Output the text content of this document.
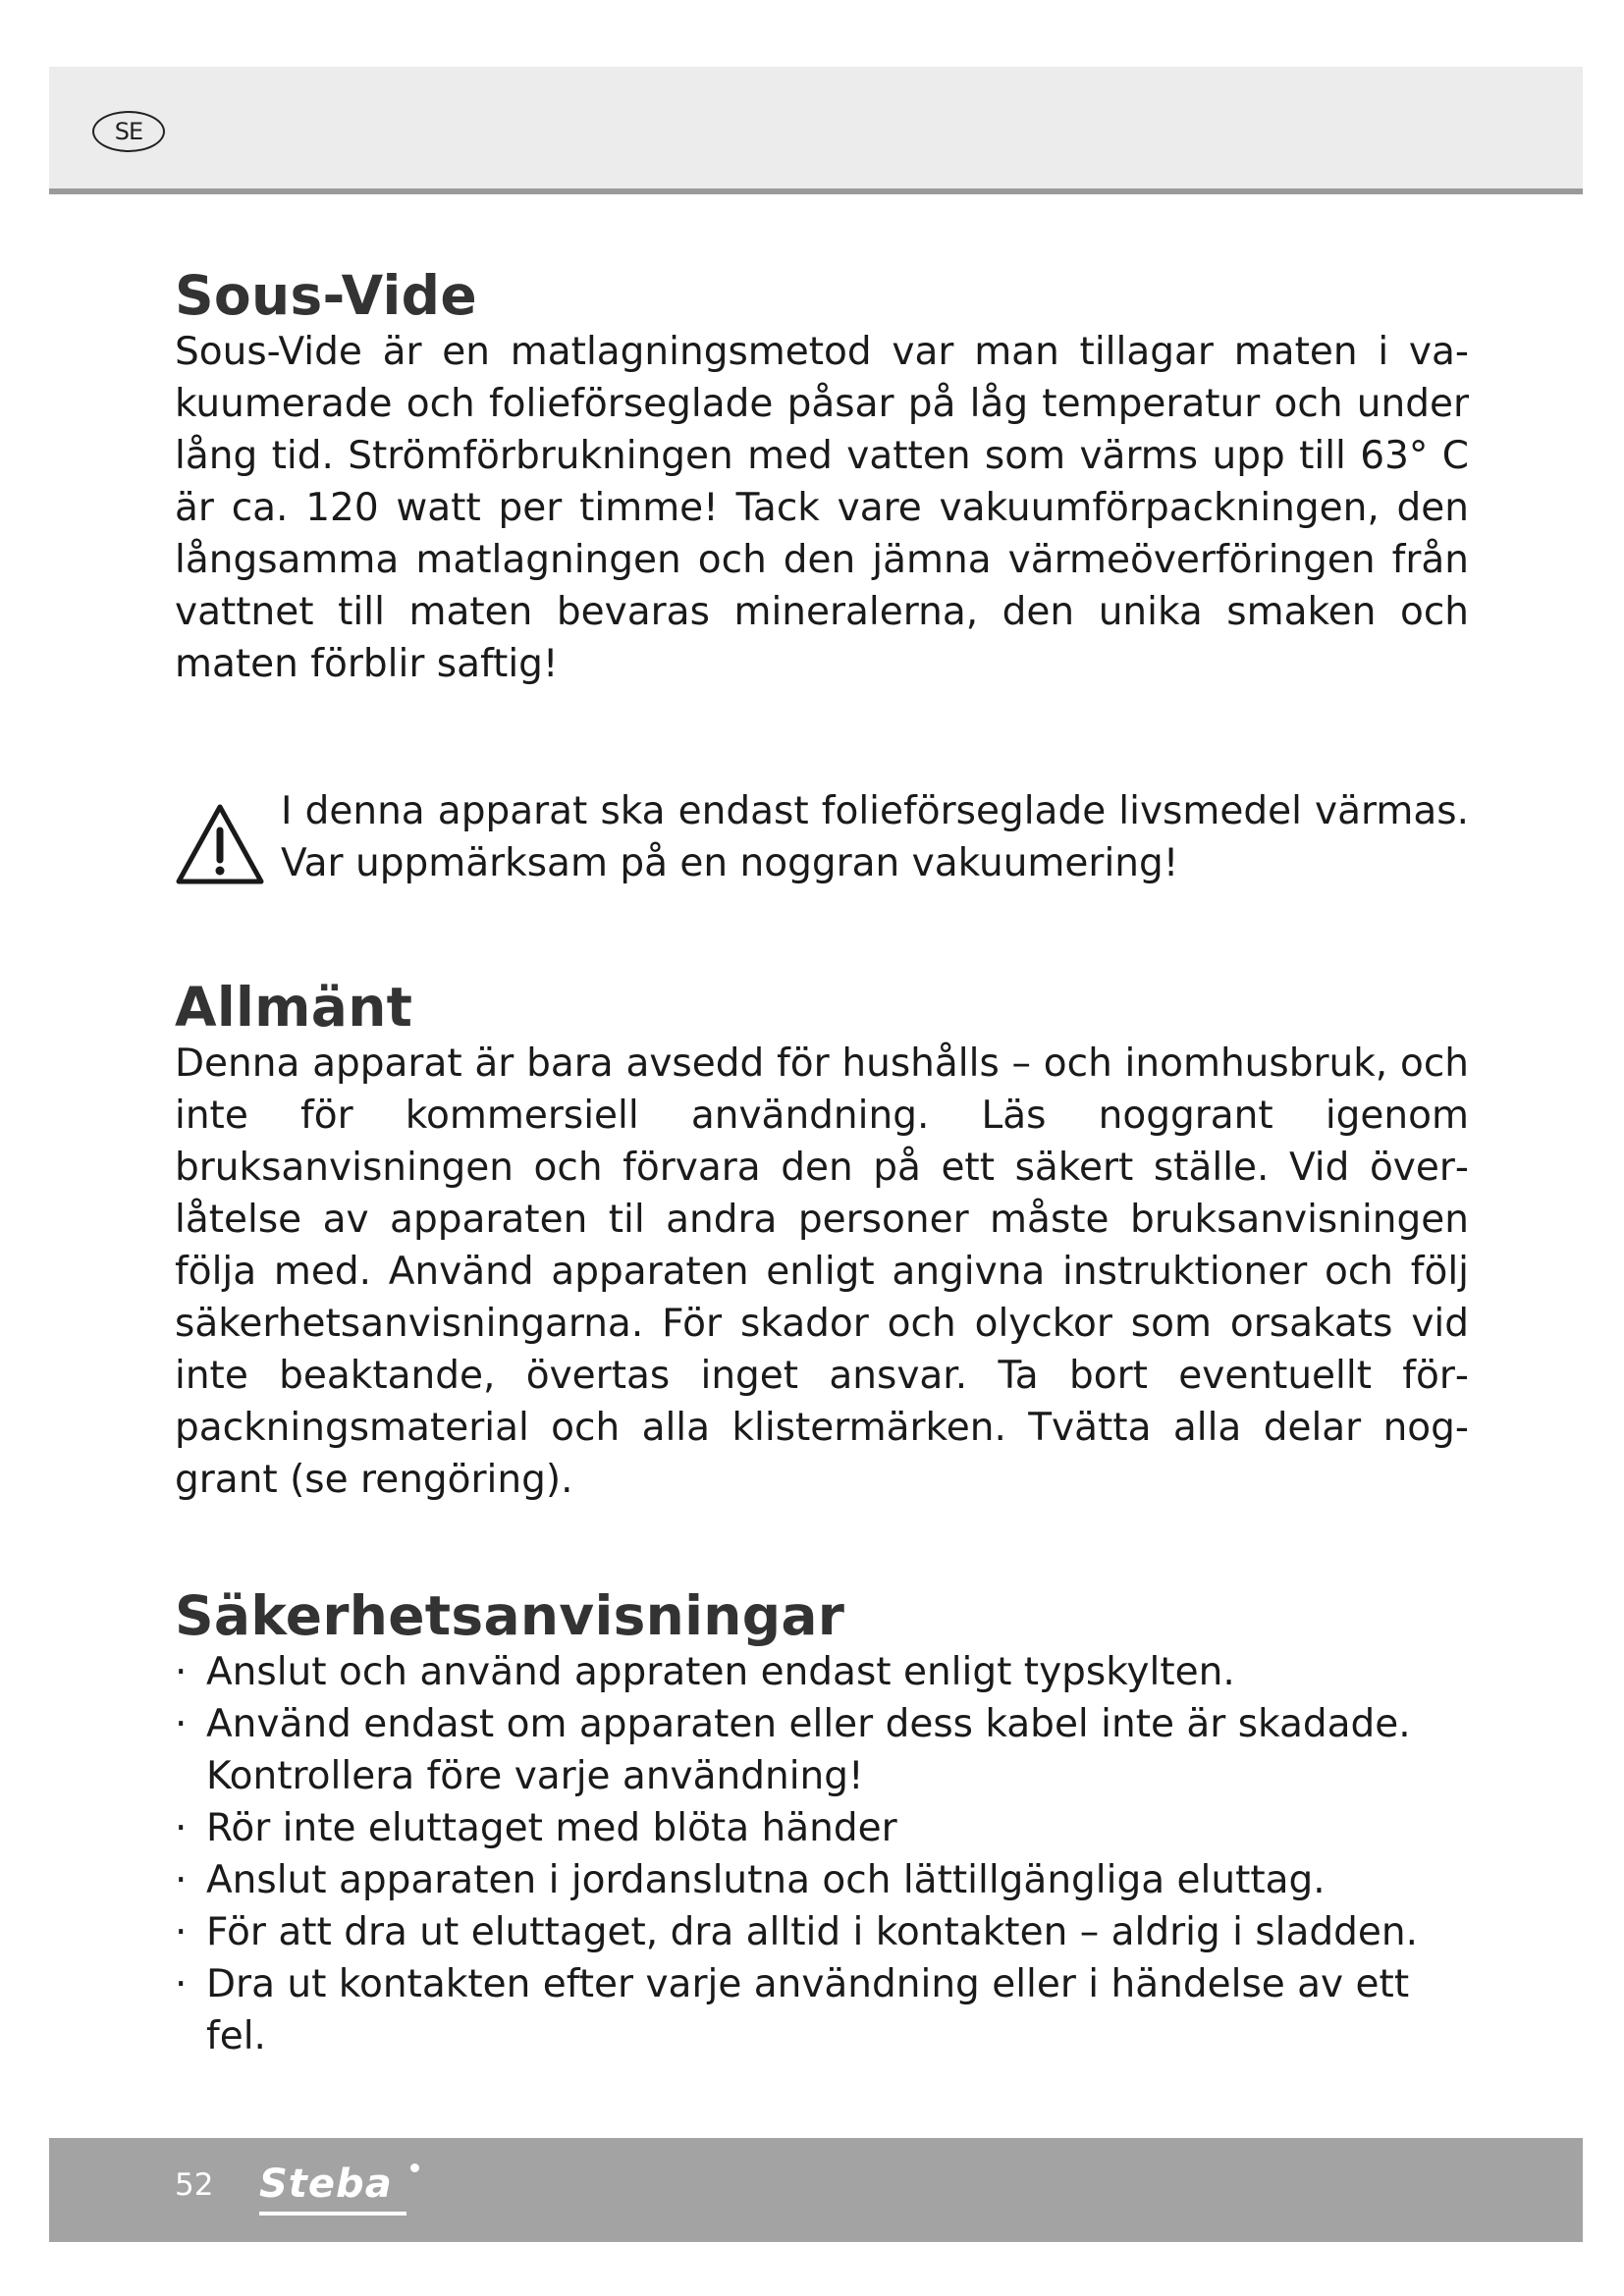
SE
Sous-Vide

Sous-Vide är en matlagningsmetod var man tillagar maten i vakuumerade och folieförseglade påsar på låg temperatur och under lång tid. Strömförbrukningen med vatten som värms upp till 63° C är ca. 120 watt per timme! Tack vare vakuumförpackningen, den långsamma matlagningen och den jämna värmeöverföringen från vattnet till maten bevaras mineralerna, den unika smaken och maten förblir saftig!

I denna apparat ska endast folieförseglade livsmedel värmas. Var uppmärksam på en noggran vakuumering!
Allmänt

Denna apparat är bara avsedd för hushålls – och inomhusbruk, och inte för kommersiell användning. Läs noggrant igenom bruksanvisningen och förvara den på ett säkert ställe. Vid överlåtelse av apparaten til andra personer måste bruksanvisningen följa med. Använd apparaten enligt angivna instruktioner och följ säkerhetsanvisningarna. För skador och olyckor som orsakats vid inte beaktande, övertas inget ansvar. Ta bort eventuellt förpackningsmaterial och alla klistermärken. Tvätta alla delar noggrant (se rengöring).

Säkerhetsanvisningar
· Anslut och använd appraten endast enligt typskylten.
· Använd endast om apparaten eller dess kabel inte är skadade. Kontrollera före varje användning!
· Rör inte eluttaget med blöta händer
· Anslut apparaten i jordanslutna och lättillgängliga eluttag.
· För att dra ut eluttaget, dra alltid i kontakten – aldrig i sladden.
· Dra ut kontakten efter varje användning eller i händelse av ett fel.
52 Steba
